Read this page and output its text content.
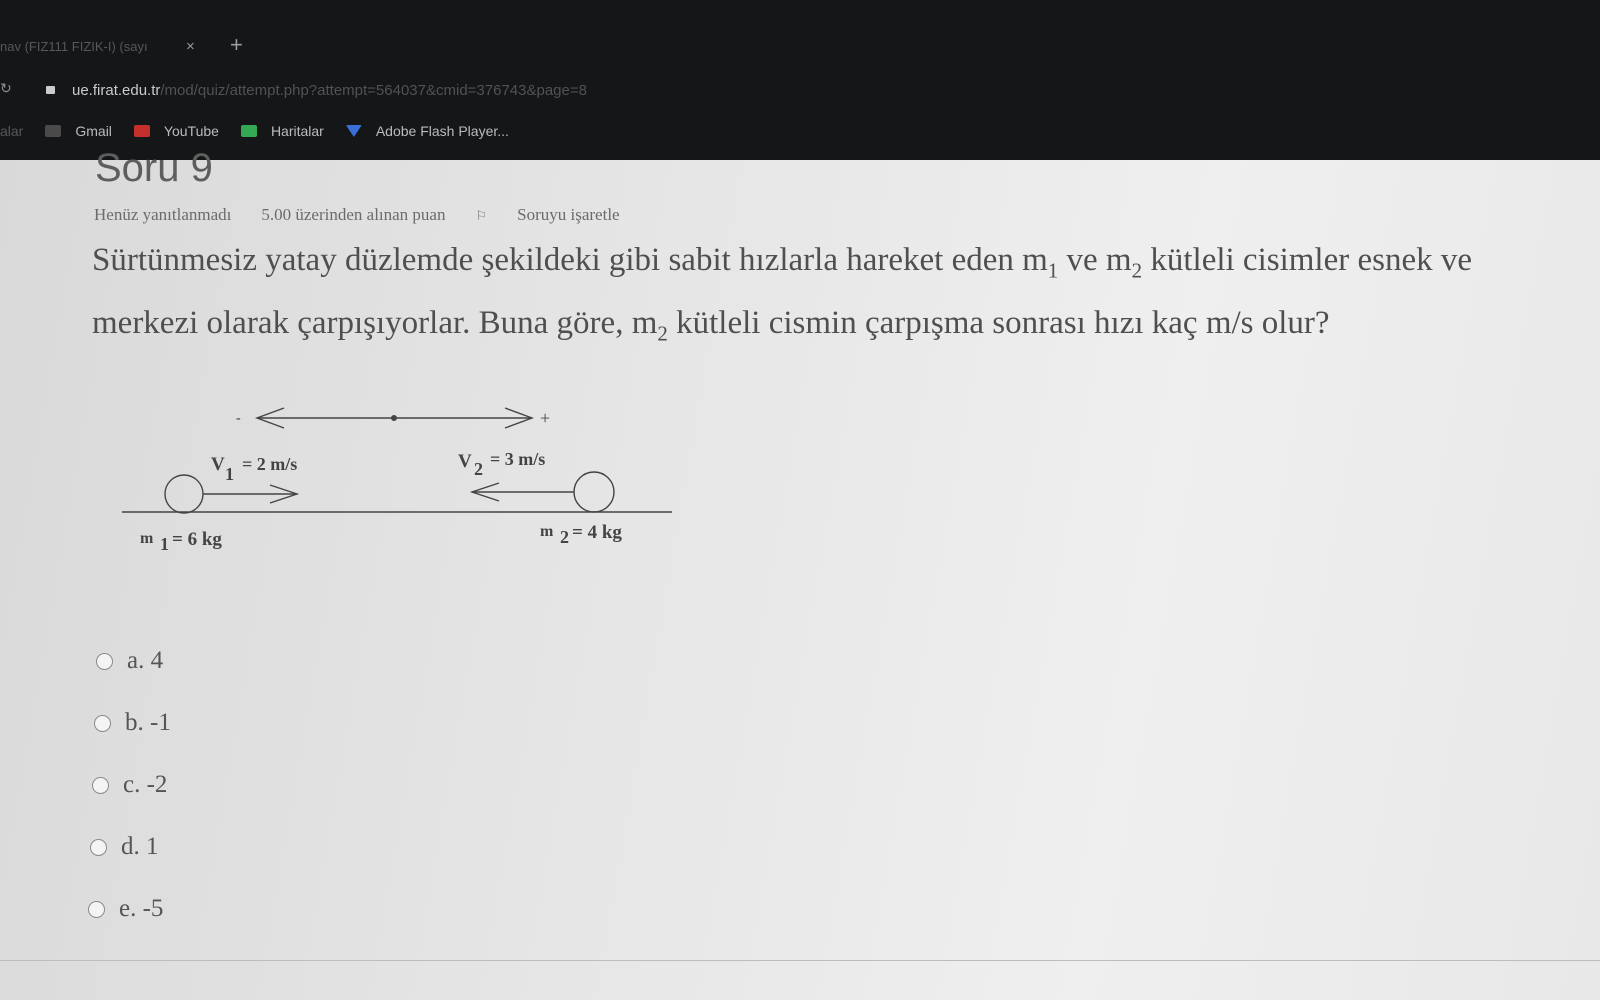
nav (FIZ111 FIZIK-I) (sayı	× +
↻	ue.firat.edu.tr/mod/quiz/attempt.php?attempt=564037&cmid=376743&page=8
alar	Gmail	YouTube	Haritalar	Adobe Flash Player...
Soru 9
Henüz yanıtlanmadı 5.00 üzerinden alınan puan ⚐ Soruyu işaretle
Sürtünmesiz yatay düzlemde şekildeki gibi sabit hızlarla hareket eden $m_1$ ve $m_2$ kütleli cisimler esnek ve merkezi olarak çarpışıyorlar. Buna göre, $m_2$ kütleli cismin çarpışma sonrası hızı kaç m/s olur?
-	+
V 1 = 2 m/s	V 2 = 3 m/s
m 1 = 6 kg	m 2 = 4 kg
a.
4
b.
-1
c.
-2
d.
1
e.
-5
